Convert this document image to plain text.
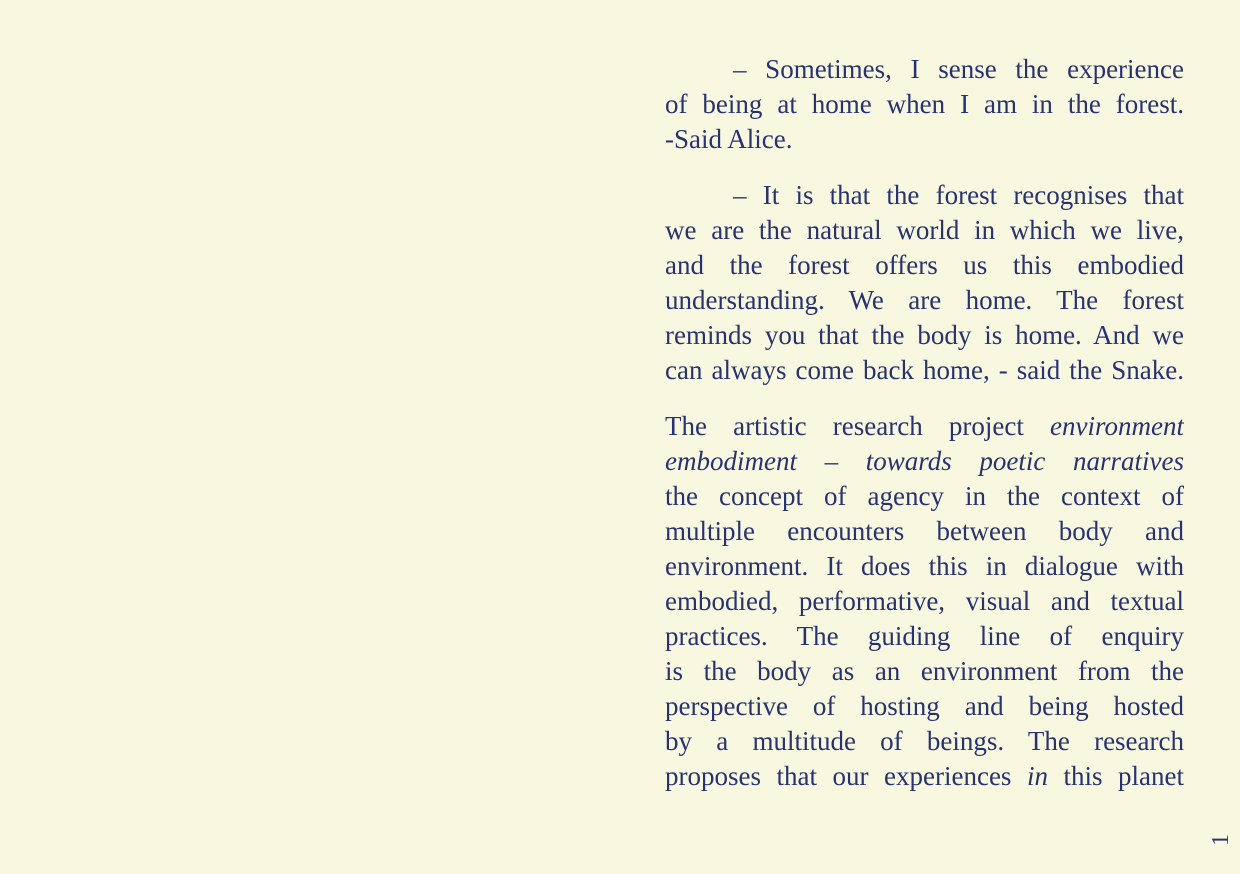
– Sometimes, I sense the experience
of being at home when I am in the forest.
-Said Alice.
– It is that the forest recognises that
we are the natural world in which we live,
and the forest offers us this embodied
understanding. We are home. The forest
reminds you that the body is home. And we
can always come back home, - said the Snake.
The artistic research project environment
embodiment – towards poetic narratives
the concept of agency in the context of
multiple encounters between body and
environment. It does this in dialogue with
embodied, performative, visual and textual
practices. The guiding line of enquiry
is the body as an environment from the
perspective of hosting and being hosted
by a multitude of beings. The research
proposes that our experiences in this planet
1
